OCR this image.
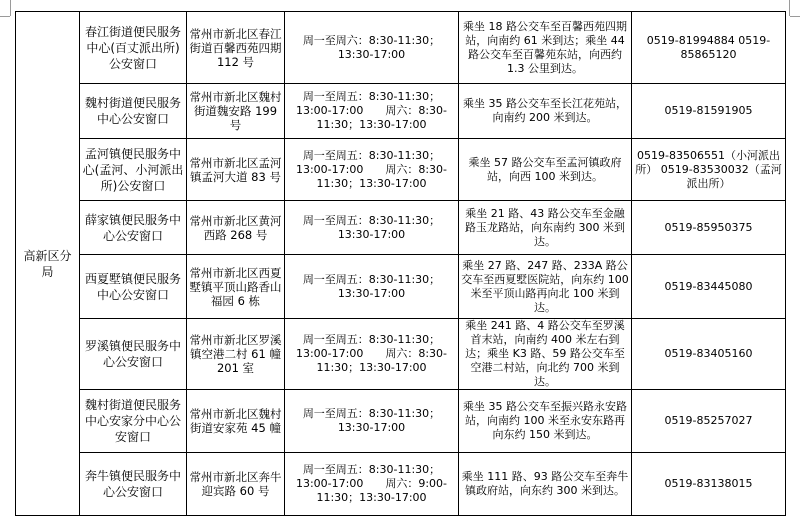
高新区分局	春江街道便民服务中心(百丈派出所)公安窗口	常州市新北区春江街道百馨西苑四期 112 号	周一至周六：8:30-11:30；13:30-17:00	乘坐 18 路公交车至百馨西苑四期站，向南约 61 米到达；乘坐 44 路公交车至百馨苑东站，向西约 1.3 公里到达。	0519-81994884 0519-85865120
	魏村街道便民服务中心公安窗口	常州市新北区魏村街道魏安路 199 号	周一至周五：8:30-11:30；13:00-17:00　　周六：8:30-11:30；13:30-17:00	乘坐 35 路公交车至长江花苑站，向南约 200 米到达。	0519-81591905
	孟河镇便民服务中心(孟河、小河派出所)公安窗口	常州市新北区孟河镇孟河大道 83 号	周一至周五：8:30-11:30；13:00-17:00　　周六：8:30-11:30；13:30-17:00	乘坐 57 路公交车至孟河镇政府站，向西 100 米到达。	0519-83506551（小河派出所） 0519-83530032（孟河派出所）
	薛家镇便民服务中心公安窗口	常州市新北区黄河西路 268 号	周一至周五：8:30-11:30；13:30-17:00	乘坐 21 路、43 路公交车至金融路玉龙路站，向东南约 300 米到达。	0519-85950375
	西夏墅镇便民服务中心公安窗口	常州市新北区西夏墅镇平顶山路香山福园 6 栋	周一至周五：8:30-11:30；13:30-17:00	乘坐 27 路、247 路、233A 路公交车至西夏墅医院站，向东约 100 米至平顶山路再向北 100 米到达。	0519-83445080
	罗溪镇便民服务中心公安窗口	常州市新北区罗溪镇空港二村 61 幢 201 室	周一至周五：8:30-11:30；13:00-17:00　　周六：8:30-11:30；13:30-17:00	乘坐 241 路、4 路公交车至罗溪首末站，向南约 400 米左右到达；乘坐 K3 路、59 路公交车至空港二村站，向北约 700 米到达。	0519-83405160
	魏村街道便民服务中心安家分中心公安窗口	常州市新北区魏村街道安家苑 45 幢	周一至周五：8:30-11:30；13:30-17:00	乘坐 35 路公交车至振兴路永安路站，向南约 100 米至永安东路再向东约 150 米到达。	0519-85257027
	奔牛镇便民服务中心公安窗口	常州市新北区奔牛迎宾路 60 号	周一至周五：8:30-11:30；13:00-17:00　　周六：9:00-11:30；13:30-17:00	乘坐 111 路、93 路公交车至奔牛镇政府站，向东约 300 米到达。	0519-83138015
